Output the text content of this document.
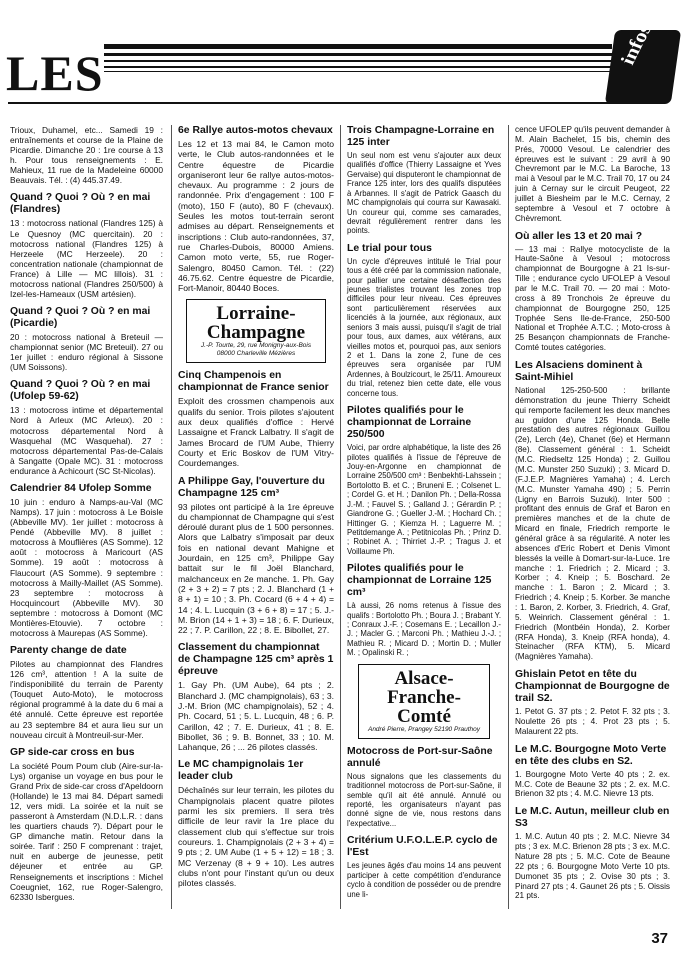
LES
infos

Trioux, Duhamel, etc... Samedi 19 : entraînements et course de la Plaine de Picardie. Dimanche 20 : 1re course à 13 h. Pour tous renseignements : E. Mahieux, 11 rue de la Madeleine 60000 Beauvais. Tél. : (4) 445.37.49.

Quand ? Quoi ? Où ? en mai (Flandres)

13 : motocross national (Flandres 125) à Le Quesnoy (MC quercitain). 20 : motocross national (Flandres 125) à Herzeele (MC Herzeele). 20 : concentration nationale (championnat de France) à Lille — MC lillois). 31 : motocross national (Flandres 250/500) à Izel-les-Hameaux (USM artésien).

Quand ? Quoi ? Où ? en mai (Picardie)

20 : motocross national à Breteuil — championnat senior (MC Breteuil). 27 ou 1er juillet : enduro régional à Sissone (UM Soissons).

Quand ? Quoi ? Où ? en mai (Ufolep 59-62)

13 : motocross intime et départemental Nord à Arleux (MC Arleux). 20 : motocross départemental Nord à Wasquehal (MC Wasquehal). 27 : motocross départemental Pas-de-Calais à Sangatte (Opale MC). 31 : motocross endurance à Achicourt (SC St-Nicolas).

Calendrier 84 Ufolep Somme

10 juin : enduro à Namps-au-Val (MC Namps). 17 juin : motocross à Le Boisle (Abbeville MV). 1er juillet : motocross à Pendé (Abbeville MV). 8 juillet : motocross à Mouflières (AS Somme). 12 août : motocross à Maricourt (AS Somme). 19 août : motocross à Flaucourt (AS Somme). 9 septembre : motocross à Mailly-Maillet (AS Somme). 23 septembre : motocross à Hocquincourt (Abbeville MV). 30 septembre : motocross à Domont (MC Montières-Etouvie). 7 octobre : motocross à Maurepas (AS Somme).

Parenty change de date

Pilotes au championnat des Flandres 126 cm³, attention ! A la suite de l'indisponibilité du terrain de Parenty (Touquet Auto-Moto), le motocross régional programmé à la date du 6 mai a été annulé. Cette épreuve est reportée au 23 septembre 84 et aura lieu sur un nouveau circuit à Montreuil-sur-Mer.

GP side-car cross en bus

La société Poum Poum club (Aire-sur-la-Lys) organise un voyage en bus pour le Grand Prix de side-car cross d'Apeldoorn (Hollande) le 13 mai 84. Départ samedi 12, vers midi. La soirée et la nuit se passeront à Amsterdam (N.D.L.R. : dans les quartiers chauds ?). Départ pour le GP dimanche matin. Retour dans la soirée. Tarif : 250 F comprenant : trajet, nuit en auberge de jeunesse, petit déjeuner et entrée au GP. Renseignements et inscriptions : Michel Coeugniet, 162, rue Roger-Salengro, 62330 Isbergues.

6e Rallye autos-motos chevaux

Les 12 et 13 mai 84, le Camon moto verte, le Club autos-randonnées et le Centre équestre de Picardie organiseront leur 6e rallye autos-motos-chevaux. Au programme : 2 jours de randonnée. Prix d'engagement : 100 F (moto), 150 F (auto), 80 F (chevaux). Seules les motos tout-terrain seront admises au départ. Renseignements et inscriptions : Club auto-randonnées, 37, rue Charles-Dubois, 80000 Amiens. Camon moto verte, 55, rue Roger-Salengro, 80450 Camon. Tél. : (22) 46.75.62. Centre équestre de Picardie, Fort-Manoir, 80440 Boces.

Lorraine-Champagne
J.-P. Tourte, 29, rue Monigny-aux-Bois 08000 Charleville Mézières
Cinq Champenois en championnat de France senior

Exploit des crossmen champenois aux qualifs du senior. Trois pilotes s'ajoutent aux deux qualifiés d'office : Hervé Lassaigne et Franck Lalbatry. Il s'agit de James Brocard de l'UM Aube, Thierry Courty et Eric Boskov de l'UM Vitry-Courdemanges.

A Philippe Gay, l'ouverture du Champagne 125 cm³

93 pilotes ont participé à la 1re épreuve du championnat de Champagne qui s'est déroulé durant plus de 1 500 personnes. Alors que Lalbatry s'imposait par deux fois en national devant Mahigne et Jourdain, en 125 cm³, Philippe Gay battait sur le fil Joël Blanchard, malchanceux en 2e manche. 1. Ph. Gay (2 + 3 + 2) = 7 pts ; 2. J. Blanchard (1 + 8 + 1) = 10 ; 3. Ph. Cocard (6 + 4 + 4) = 14 ; 4. L. Lucquin (3 + 6 + 8) = 17 ; 5. J.-M. Brion (14 + 1 + 3) = 18 ; 6. F. Durieux, 22 ; 7. P. Carillon, 22 ; 8. E. Bibollet, 27.

Classement du championnat de Champagne 125 cm³ après 1 épreuve

1. Gay Ph. (UM Aube), 64 pts ; 2. Blanchard J. (MC champignolais), 63 ; 3. J.-M. Brion (MC champignolais), 52 ; 4. Ph. Cocard, 51 ; 5. L. Lucquin, 48 ; 6. P. Carillon, 42 ; 7. E. Durieux, 41 ; 8. E. Bibollet, 36 ; 9. B. Bonnet, 33 ; 10. M. Lahanque, 26 ; ... 26 pilotes classés.

Le MC champignolais 1er leader club

Déchaînés sur leur terrain, les pilotes du Champignolais placent quatre pilotes parmi les six premiers. Il sera très difficile de leur ravir la 1re place du classement club qui s'effectue sur trois coureurs. 1. Champignolais (2 + 3 + 4) = 9 pts ; 2. UM Aube (1 + 5 + 12) = 18 ; 3. MC Verzenay (8 + 9 + 10). Les autres clubs n'ont pour l'instant qu'un ou deux pilotes classés.

Trois Champagne-Lorraine en 125 inter

Un seul nom est venu s'ajouter aux deux qualifiés d'office (Thierry Lassaigne et Yves Gervaise) qui disputeront le championnat de France 125 inter, lors des qualifs disputées à Arbannes. Il s'agit de Patrick Gaasch du MC champignolais qui courra sur Kawasaki. Un coureur qui, comme ses camarades, devrait régulièrement rentrer dans les points.

Le trial pour tous

Un cycle d'épreuves intitulé le Trial pour tous a été créé par la commission nationale, pour pallier une certaine désaffection des jeunes trialistes trouvant les zones trop difficiles pour leur niveau. Ces épreuves sont particulièrement réservées aux licenciés à la journée, aux régionaux, aux seniors 3 mais aussi, puisqu'il s'agit de trial pour tous, aux dames, aux vétérans, aux vieilles motos et, pourquoi pas, aux seniors 2 et 1. Dans la zone 2, l'une de ces épreuves sera organisée par l'UM Ardennes, à Boulzicourt, le 25/11. Amoureux du trial, retenez bien cette date, elle vous concerne tous.

Pilotes qualifiés pour le championnat de Lorraine 250/500

Voici, par ordre alphabétique, la liste des 26 pilotes qualifiés à l'issue de l'épreuve de Jouy-en-Argonne en championnat de Lorraine 250/500 cm³ : Benbekhti-Lahssein ; Bortolotto B. et C. ; Bruneni E. ; Colsenet L. ; Cordel G. et H. ; Danilon Ph. ; Della-Rossa J.-M. ; Fauvel S. ; Galland J. ; Gérardin P. ; Giandrone G. ; Gueller J.-M. ; Hochard Ch. ; Hittinger G. ; Kiemza H. ; Laguerre M. ; Petitdemange A. ; Petitnicolas Ph. ; Prinz D. ; Robinet A. ; Thirriet J.-P. ; Tragus J. et Voillaume Ph.

Pilotes qualifiés pour le championnat de Lorraine 125 cm³

Là aussi, 26 noms retenus à l'issue des qualifs : Bortolotto Ph. ; Boura J. ; Brabant Y. ; Conraux J.-F. ; Cosemans E. ; Lecaillon J.-J. ; Macler G. ; Marconi Ph. ; Mathieu J.-J. ; Mathieu R. ; Micard D. ; Mortin D. ; Muller M. ; Opalinski R. ;

Alsace-Franche-Comté
André Pierre, Prangey 52190 Prauthoy
Motocross de Port-sur-Saône annulé

Nous signalons que les classements du traditionnel motocross de Port-sur-Saône, il semble qu'il ait été annulé. Annulé ou reporté, les organisateurs n'ayant pas donné signe de vie, nous restons dans l'expectative...

Critérium U.F.O.L.E.P. cyclo de l'Est

Les jeunes âgés d'au moins 14 ans peuvent participer à cette compétition d'endurance cyclo à condition de posséder ou de prendre une li-

cence UFOLEP qu'ils peuvent demander à M. Alain Bachelet, 15 bis, chemin des Prés, 70000 Vesoul. Le calendrier des épreuves est le suivant : 29 avril à 90 Chevremont par le M.C. La Baroche, 13 mai à Vesoul par le M.C. Trail 70, 17 ou 24 juin à Cernay sur le circuit Peugeot, 22 juillet à Biesheim par le M.C. Cernay, 2 septembre à Vesoul et 7 octobre à Chèvremont.

Où aller les 13 et 20 mai ?

— 13 mai : Rallye motocycliste de la Haute-Saône à Vesoul ; motocross championnat de Bourgogne à 21 Is-sur-Tille ; endurance cyclo UFOLEP à Vesoul par le M.C. Trail 70. — 20 mai : Moto-cross à 89 Tronchois 2e épreuve du championnat de Bourgogne 250, 125 Trophée Sens Ile-de-France, 250-500 National et Trophée A.T.C. ; Moto-cross à 25 Besançon championnats de Franche-Comté toutes catégories.

Les Alsaciens dominent à Saint-Mihiel

National 125-250-500 : brillante démonstration du jeune Thierry Scheidt qui remporte facilement les deux manches au guidon d'une 125 Honda. Belle prestation des autres régionaux Guillou (2e), Lerch (4e), Chanet (6e) et Hermann (8e). Classement général : 1. Scheidt (M.C. Riedseltz 125 Honda) ; 2. Guillou (M.C. Munster 250 Suzuki) ; 3. Micard D. (F.J.E.P. Magnières Yamaha) ; 4. Lerch (M.C. Munster Yamaha 490) ; 5. Perrin (Ligny en Barrois Suzuki). Inter 500 : profitant des ennuis de Graf et Baron en premières manches et de la chute de Micard en finale, Friedrich remporte le général grâce à sa régularité. A noter les absences d'Eric Robert et Denis Vimont blessés la veille à Domart-sur-la-Luce. 1re manche : 1. Friedrich ; 2. Micard ; 3. Korber ; 4. Kneip ; 5. Boschard. 2e manche : 1. Baron ; 2. Micard ; 3. Friedrich ; 4. Kneip ; 5. Korber. 3e manche : 1. Baron, 2. Korber, 3. Friedrich, 4. Graf, 5. Weinrich. Classement général : 1. Friedrich (Montbéin Honda), 2. Korber (RFA Honda), 3. Kneip (RFA honda), 4. Steinacher (RFA KTM), 5. Micard (Magnières Yamaha).

Ghislain Petot en tête du Championnat de Bourgogne de trail S2.

1. Petot G. 37 pts ; 2. Petot F. 32 pts ; 3. Noulette 26 pts ; 4. Prot 23 pts ; 5. Malaurent 22 pts.

Le M.C. Bourgogne Moto Verte en tête des clubs en S2.

1. Bourgogne Moto Verte 40 pts ; 2. ex. M.C. Cote de Beaune 32 pts ; 2. ex. M.C. Brienon 32 pts ; 4. M.C. Nievre 13 pts.

Le M.C. Autun, meilleur club en S3

1. M.C. Autun 40 pts ; 2. M.C. Nievre 34 pts ; 3 ex. M.C. Brienon 28 pts ; 3 ex. M.C. Nature 28 pts ; 5. M.C. Cote de Beaune 22 pts ; 6. Bourgogne Moto Verte 10 pts. Dumonet 35 pts ; 2. Ovise 30 pts ; 3. Pinard 27 pts ; 4. Gaunet 26 pts ; 5. Oissis 21 pts.

37
